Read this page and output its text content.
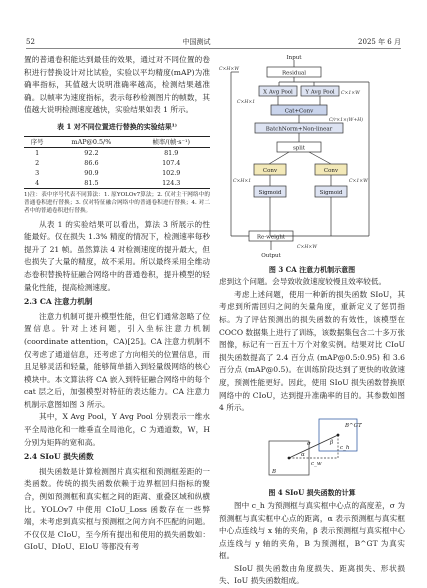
52	中国测试	2025 年 6 月

置的普通卷积能达到最佳的效果，通过对不同位置的卷积进行替换设计对比试验，实验以平均精度(mAP)为准确率指标，其值越大说明准确率越高，检测结果越准确。以帧率为速度指标，表示每秒检测图片的帧数，其值越大说明检测速度越快，实验结果如表 1 所示。

表 1 对不同位置进行替换的实验结果¹⁾
序号	mAP@0.5/%	帧率/(帧·s⁻¹)
1	92.2	81.9
2	86.6	107.4
3	90.9	102.9
4	81.5	124.3

1)注：表中序号代表不同算法：1. 原YOLOv7算法；2. 仅对主干网络中的普通卷积进行替换；3. 仅对特征融合网络中的普通卷积进行替换；4. 对二者中的普通卷积进行替换。

从表 1 的实验结果可以看出，算法 3 所展示的性能最好。仅在损失 1.3% 精度的情况下，检测速率每秒提升了 21 帧。虽然算法 4 对检测速度的提升最大，但也损失了大量的精度，故不采用。所以最终采用全维动态卷积替换特征融合网络中的普通卷积，提升模型的轻量化性能，提高检测速度。

2.3 CA 注意力机制

注意力机制可提升模型性能，但它们通常忽略了位置信息。针对上述问题，引入坐标注意力机制(coordinate attention，CA)[25]。CA 注意力机制不仅考虑了通道信息，还考虑了方向相关的位置信息，而且足够灵活和轻量，能够简单插入到轻量级网络的核心模块中。本文算法将 CA 嵌入到特征融合网络中的每个 cat 层之后，加强模型对特征的表达能力。CA 注意力机制示意图如图 3 所示。

其中，X Avg Pool，Y Avg Pool 分别表示一维水平全局池化和一维垂直全局池化，C 为通道数，W，H 分别为矩阵的宽和高。

2.4 SIoU 损失函数

损失函数是计算检测图片真实框和预测框差距的一类函数。传统的损失函数依赖于边界框回归指标的聚合，例如预测框和真实框之间的距离、重叠区域和纵横比。YOLOv7 中使用 CIoU_Loss 函数存在一些弊端，未考虑到真实框与预测框之间方向不匹配的问题。不仅仅是 CIoU，至今所有提出和使用的损失函数如：GIoU、DIoU、EIoU 等都没有考

Input
Residual
X Avg Pool Y Avg Pool
Cat+Conv
BatchNorm+Non-linear
split
Conv	Conv
Sigmoid	Sigmoid
Re-weight
Output
C×H×W
C×H×1
C×1×W
C/r×1×(W+H)
C×H×1	C×1×W
C×H×W
图 3 CA 注意力机制示意图

虑到这个问题。会导致收敛速度较慢且效率较低。

考虑上述问题，使用一种新的损失函数 SIoU，其考虑到所需回归之间的矢量角度，重新定义了惩罚指标。为了评估预测出的损失函数的有效性，该模型在 COCO 数据集上进行了训练，该数据集包含二十多万张图像，标记有一百五十万个对象实例。结果对比 CIoU 损失函数提高了 2.4 百分点 (mAP@0.5:0.95) 和 3.6 百分点 (mAP@0.5)。在训练阶段达到了更快的收敛速度，预测性能更好。因此，使用 SIoU 损失函数替换原网络中的 CIoU，达到提升准确率的目的。其参数如图 4 所示。

B
B^GT
α
β
σ
c_h
c_w
图 4 SIoU 损失函数的计算

图中 c_h 为预测框与真实框中心点的高度差，σ 为预测框与真实框中心点的距离，α 表示预测框与真实框中心点连线与 x 轴的夹角，β 表示预测框与真实框中心点连线与 y 轴的夹角，B 为预测框，B^GT 为真实框。

SIoU 损失函数由角度损失、距离损失、形状损失、IoU 损失函数组成。
